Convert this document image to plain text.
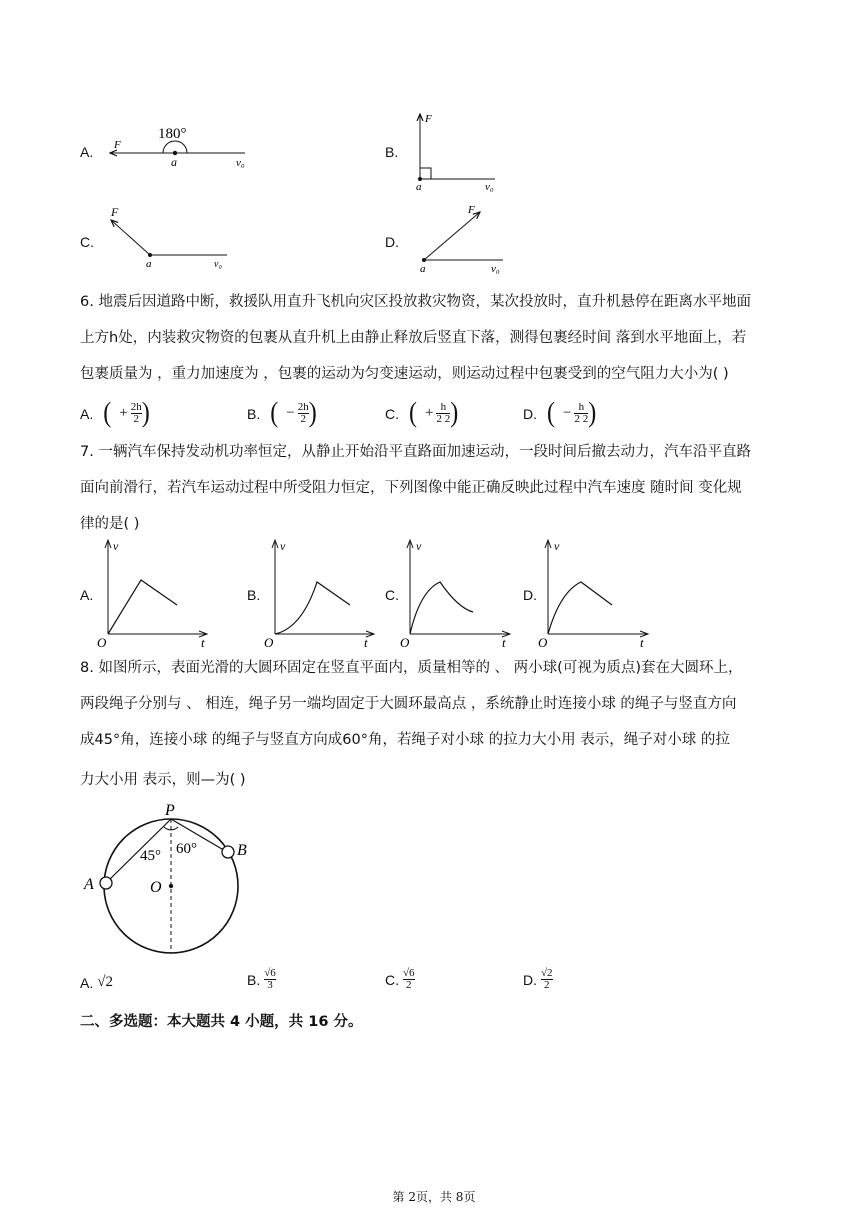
A. F
180°
a	v₀
B.
F
a	v₀
C.
F
a	v₀
D.
F
a	v₀
6. 地震后因道路中断，救援队用直升飞机向灾区投放救灾物资，某次投放时，直升机悬停在距离水平地面
上方h处，内装救灾物资的包裹从直升机上由静止释放后竖直下落，测得包裹经时间 落到水平地面上，若
包裹质量为 ，重力加速度为 ，包裹的运动为匀变速运动，则运动过程中包裹受到的空气阻力大小为( )
A. ( + $\frac{2h}{2}$ )	B. ( − $\frac{2h}{2}$ )	C. ( + $\frac{h}{2 2}$ )	D. ( − $\frac{h}{2 2}$ )
7. 一辆汽车保持发动机功率恒定，从静止开始沿平直路面加速运动，一段时间后撤去动力，汽车沿平直路
面向前滑行，若汽车运动过程中所受阻力恒定，下列图像中能正确反映此过程中汽车速度 随时间 变化规
律的是( )
A.
v
O	t
B.
v
O	t
C.
v
O	t
D.
v
O	t
8. 如图所示，表面光滑的大圆环固定在竖直平面内，质量相等的 、 两小球(可视为质点)套在大圆环上，
两段绳子分别与 、 相连，绳子另一端均固定于大圆环最高点 ，系统静止时连接小球 的绳子与竖直方向
成45°角，连接小球 的绳子与竖直方向成60°角，若绳子对小球 的拉力大小用 表示，绳子对小球 的拉
力大小用 表示，则—为( )
P
A
B
O
45° 60°
A. √2	B. $\frac{√6}{3}$	C. $\frac{√6}{2}$	D. $\frac{√2}{2}$
二、多选题：本大题共 4 小题，共 16 分。
第 2页，共 8页
